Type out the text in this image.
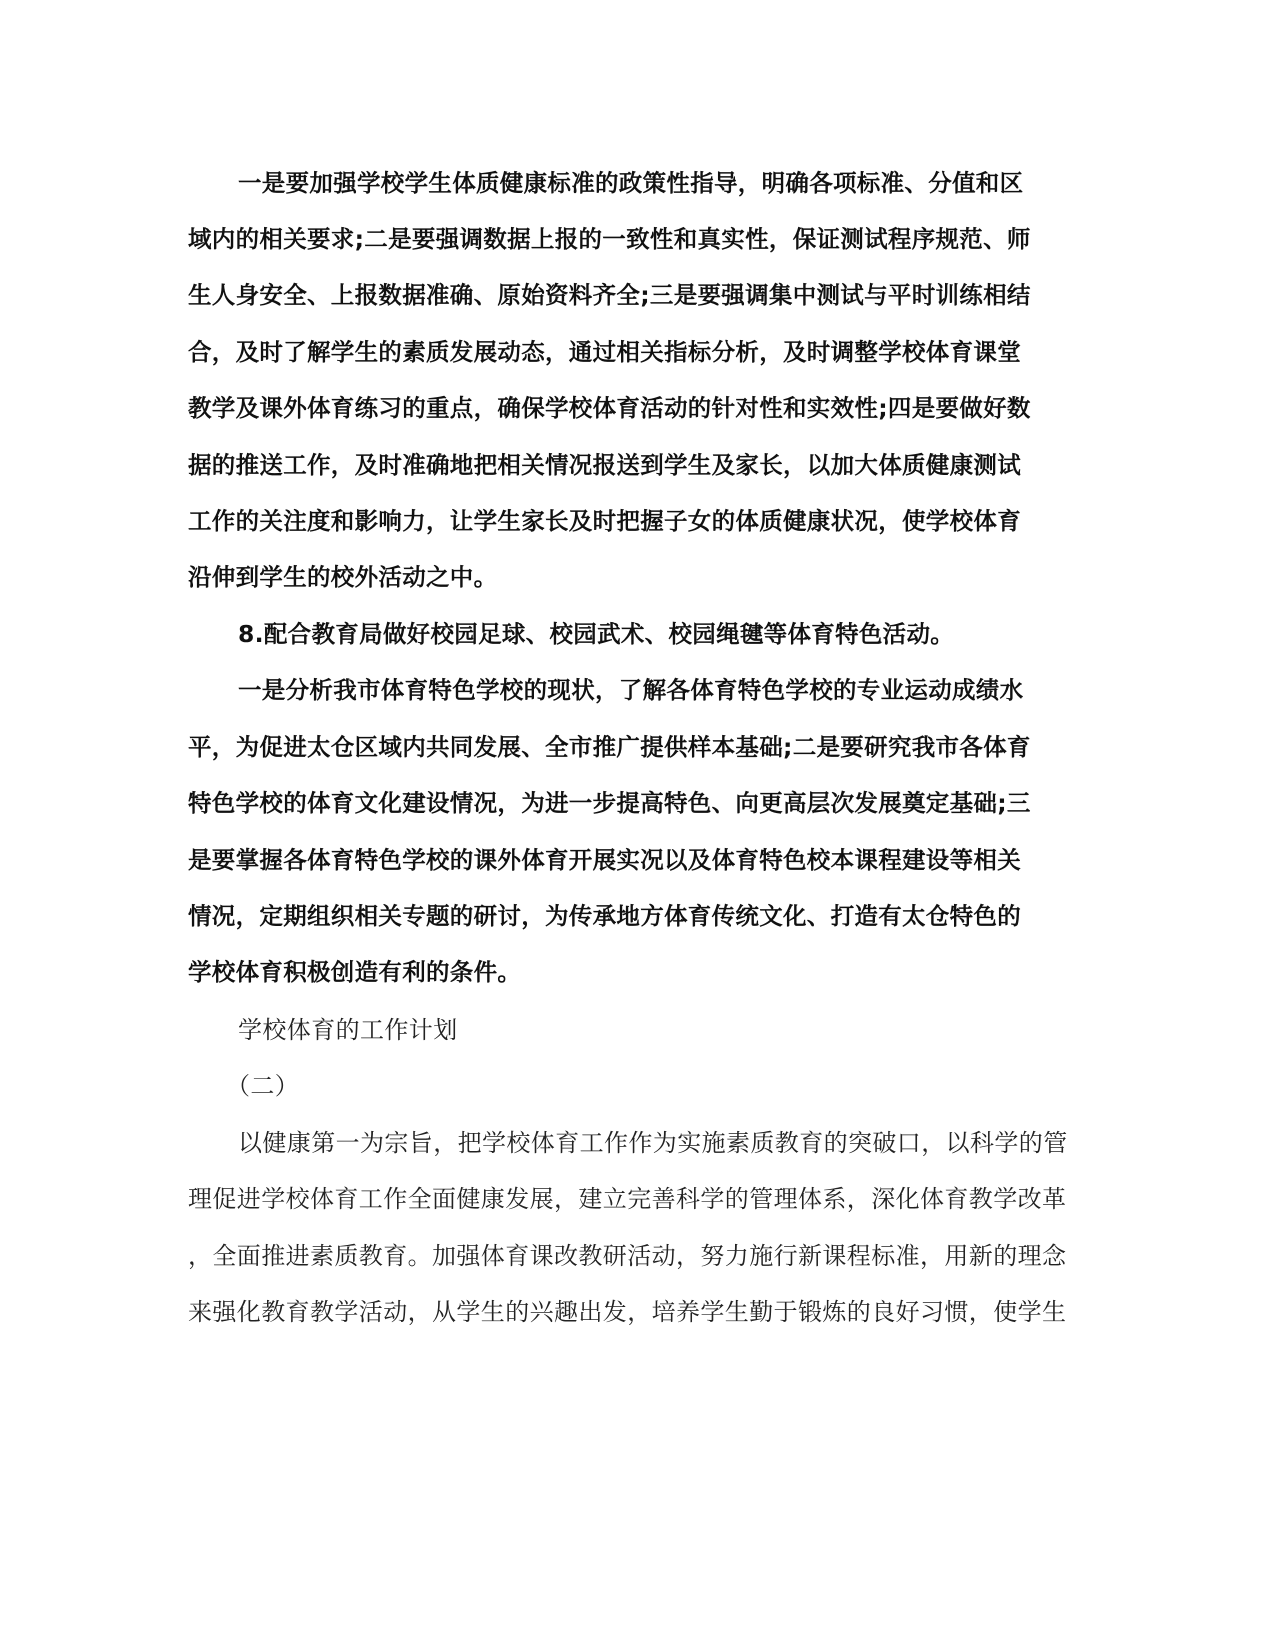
一是要加强学校学生体质健康标准的政策性指导，明确各项标准、分值和区
域内的相关要求;二是要强调数据上报的一致性和真实性，保证测试程序规范、师
生人身安全、上报数据准确、原始资料齐全;三是要强调集中测试与平时训练相结
合，及时了解学生的素质发展动态，通过相关指标分析，及时调整学校体育课堂
教学及课外体育练习的重点，确保学校体育活动的针对性和实效性;四是要做好数
据的推送工作，及时准确地把相关情况报送到学生及家长，以加大体质健康测试
工作的关注度和影响力，让学生家长及时把握子女的体质健康状况，使学校体育
沿伸到学生的校外活动之中。
8.配合教育局做好校园足球、校园武术、校园绳毽等体育特色活动。
一是分析我市体育特色学校的现状，了解各体育特色学校的专业运动成绩水
平，为促进太仓区域内共同发展、全市推广提供样本基础;二是要研究我市各体育
特色学校的体育文化建设情况，为进一步提高特色、向更高层次发展奠定基础;三
是要掌握各体育特色学校的课外体育开展实况以及体育特色校本课程建设等相关
情况，定期组织相关专题的研讨，为传承地方体育传统文化、打造有太仓特色的
学校体育积极创造有利的条件。
学校体育的工作计划
（二）
以健康第一为宗旨，把学校体育工作作为实施素质教育的突破口，以科学的管
理促进学校体育工作全面健康发展，建立完善科学的管理体系，深化体育教学改革
，全面推进素质教育。加强体育课改教研活动，努力施行新课程标准，用新的理念
来强化教育教学活动，从学生的兴趣出发，培养学生勤于锻炼的良好习惯，使学生
